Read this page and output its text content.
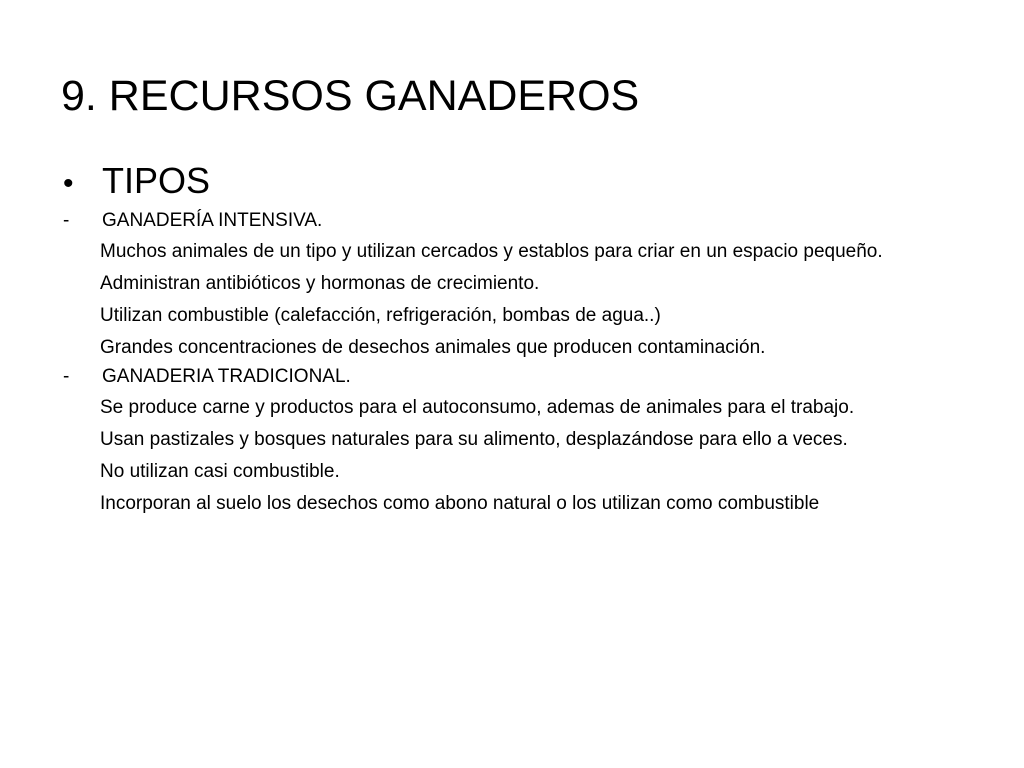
9. RECURSOS GANADEROS
• TIPOS
-	GANADERÍA INTENSIVA.
Muchos animales de un tipo y utilizan cercados y establos para criar en un espacio pequeño.
Administran antibióticos y hormonas de crecimiento.
Utilizan combustible (calefacción, refrigeración, bombas de agua..)
Grandes concentraciones de desechos animales que producen contaminación.
-	GANADERIA TRADICIONAL.
Se produce carne y productos para el autoconsumo, ademas de animales para el trabajo.
Usan pastizales y bosques naturales para su alimento, desplazándose para ello a veces.
No utilizan casi combustible.
Incorporan al suelo los desechos como abono natural o los utilizan como combustible
